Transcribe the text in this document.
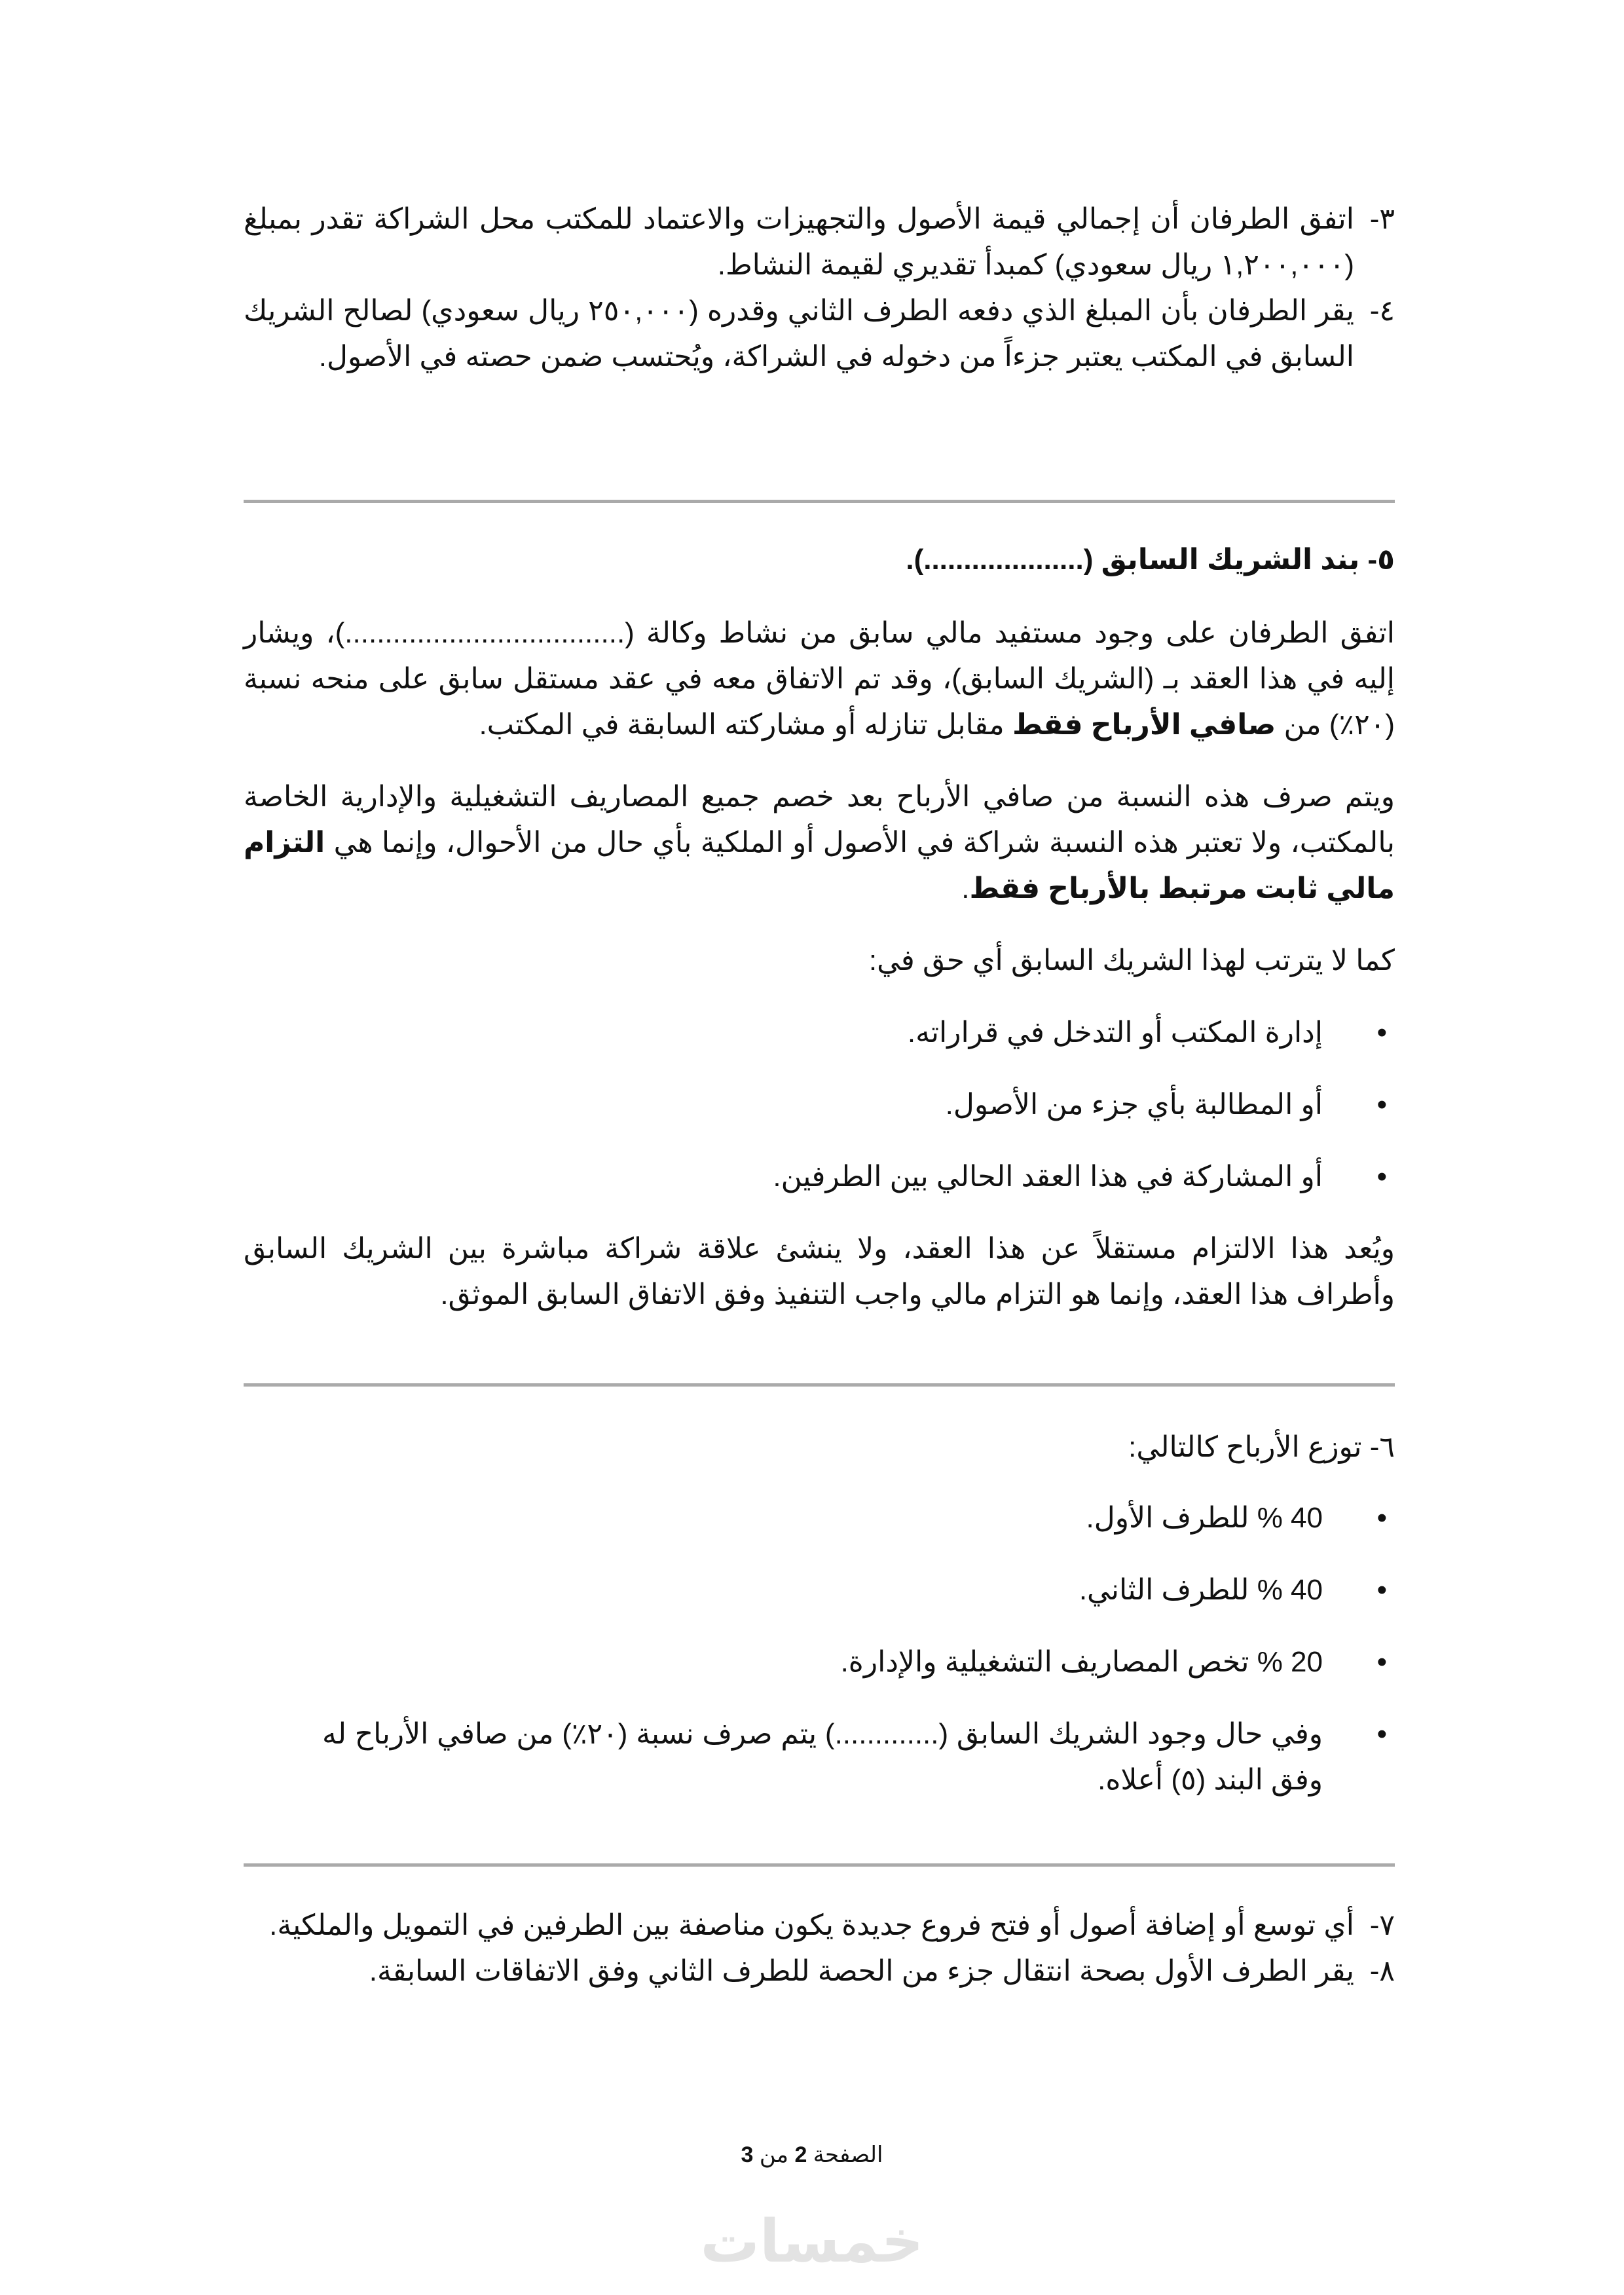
٣-

اتفق الطرفان أن إجمالي قيمة الأصول والتجهيزات والاعتماد للمكتب محل الشراكة تقدر بمبلغ (١,٢٠٠,٠٠٠ ريال سعودي) كمبدأ تقديري لقيمة النشاط.

٤-

يقر الطرفان بأن المبلغ الذي دفعه الطرف الثاني وقدره (٢٥٠,٠٠٠ ريال سعودي) لصالح الشريك السابق في المكتب يعتبر جزءاً من دخوله في الشراكة، ويُحتسب ضمن حصته في الأصول.

٥- بند الشريك السابق (....................).

اتفق الطرفان على وجود مستفيد مالي سابق من نشاط وكالة (...................................)، ويشار إليه في هذا العقد بـ (الشريك السابق)، وقد تم الاتفاق معه في عقد مستقل سابق على منحه نسبة (٢٠٪) من صافي الأرباح فقط مقابل تنازله أو مشاركته السابقة في المكتب.

ويتم صرف هذه النسبة من صافي الأرباح بعد خصم جميع المصاريف التشغيلية والإدارية الخاصة بالمكتب، ولا تعتبر هذه النسبة شراكة في الأصول أو الملكية بأي حال من الأحوال، وإنما هي التزام مالي ثابت مرتبط بالأرباح فقط.

كما لا يترتب لهذا الشريك السابق أي حق في:

•
إدارة المكتب أو التدخل في قراراته.
•
أو المطالبة بأي جزء من الأصول.
•
أو المشاركة في هذا العقد الحالي بين الطرفين.

ويُعد هذا الالتزام مستقلاً عن هذا العقد، ولا ينشئ علاقة شراكة مباشرة بين الشريك السابق وأطراف هذا العقد، وإنما هو التزام مالي واجب التنفيذ وفق الاتفاق السابق الموثق.

٦- توزع الأرباح كالتالي:

•
40 % للطرف الأول.
•
40 % للطرف الثاني.
•
20 % تخص المصاريف التشغيلية والإدارة.
•
وفي حال وجود الشريك السابق (.............) يتم صرف نسبة (٢٠٪) من صافي الأرباح له وفق البند (٥) أعلاه.
٧-

أي توسع أو إضافة أصول أو فتح فروع جديدة يكون مناصفة بين الطرفين في التمويل والملكية.

٨-

يقر الطرف الأول بصحة انتقال جزء من الحصة للطرف الثاني وفق الاتفاقات السابقة.

الصفحة 2 من 3
خمسات
